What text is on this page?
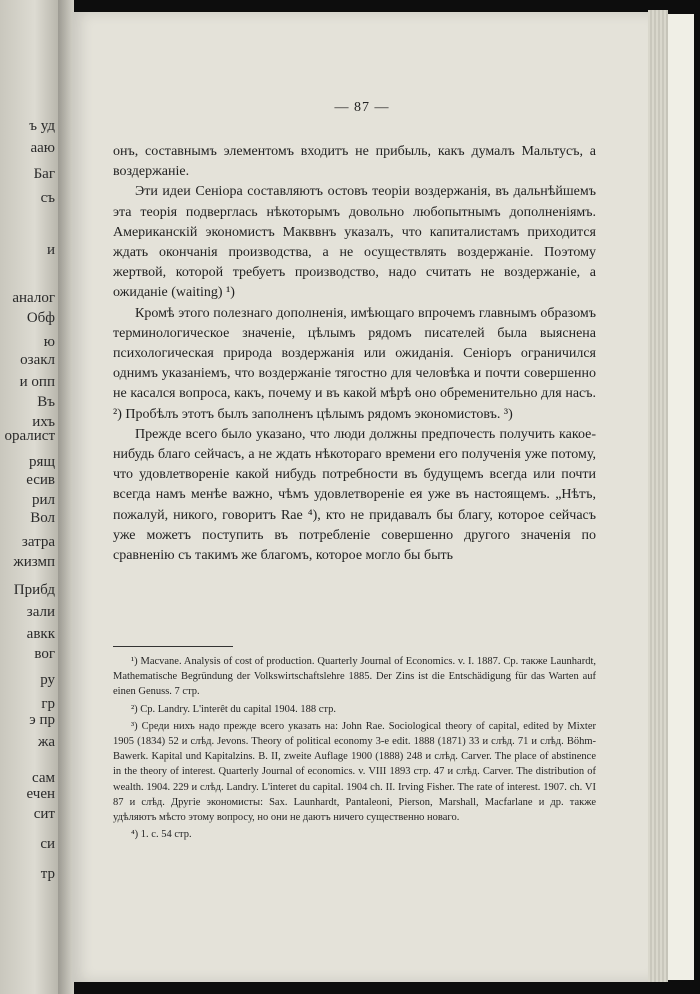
ъ уд
ааю
Баг
съ
и
аналог
Обф
ю
озакл
и опп
Въ
ихъ
оралист
рящ
есив
рил
Вол
затра
жизмп
Прибд
зали
авкк
вог
ру
гр
э пр
жа
сам
ечен
сит
си
тр
— 87 —

онъ, составнымъ элементомъ входитъ не прибыль, какъ думалъ Мальтусъ, а воздержаніе.

Эти идеи Сеніора составляютъ остовъ теоріи воздержанія, въ дальнѣйшемъ эта теорія подверглась нѣкоторымъ довольно любопытнымъ дополненіямъ. Американскій экономистъ Макввнъ указалъ, что капиталистамъ приходится ждать окончанія производства, а не осуществлять воздержаніе. Поэтому жертвой, которой требуетъ производство, надо считать не воздержаніе, а ожиданіе (waiting) ¹)

Кромѣ этого полезнаго дополненія, имѣющаго впрочемъ главнымъ образомъ терминологическое значеніе, цѣлымъ рядомъ писателей была выяснена психологическая природа воздержанія или ожиданія. Сеніоръ ограничился однимъ указаніемъ, что воздержаніе тягостно для человѣка и почти совершенно не касался вопроса, какъ, почему и въ какой мѣрѣ оно обременительно для насъ. ²) Пробѣлъ этотъ былъ заполненъ цѣлымъ рядомъ экономистовъ. ³)

Прежде всего было указано, что люди должны предпочесть получить какое-нибудь благо сейчасъ, а не ждать нѣкотораго времени его полученія уже потому, что удовлетвореніе какой нибудь потребности въ будущемъ всегда или почти всегда намъ менѣе важно, чѣмъ удовлетвореніе ея уже въ настоящемъ. „Нѣтъ, пожалуй, никого, говоритъ Rae ⁴), кто не придавалъ бы благу, которое сейчасъ уже можетъ поступить въ потребленіе совершенно другого значенія по сравненію съ такимъ же благомъ, которое могло бы быть

¹) Macvane. Analysis of cost of production. Quarterly Journal of Economics. v. I. 1887. Ср. также Launhardt, Mathematische Begründung der Volkswirtschaftslehre 1885. Der Zins ist die Entschädigung für das Warten auf einen Genuss. 7 стр.

²) Ср. Landry. L'interêt du capital 1904. 188 стр.

³) Среди нихъ надо прежде всего указать на: John Rae. Sociological theory of capital, edited by Mixter 1905 (1834) 52 и слѣд. Jevons. Theory of political economy 3-e edit. 1888 (1871) 33 и слѣд. 71 и слѣд. Böhm-Bawerk. Kapital und Kapitalzins. B. II, zweite Auflage 1900 (1888) 248 и слѣд. Carver. The place of abstinence in the theory of interest. Quarterly Journal of economics. v. VIII 1893 стр. 47 и слѣд. Carver. The distribution of wealth. 1904. 229 и слѣд. Landry. L'interet du capital. 1904 ch. II. Irving Fisher. The rate of interest. 1907. ch. VI 87 и слѣд. Другіе экономисты: Sax. Launhardt, Pantaleoni, Pierson, Marshall, Macfarlane и др. также удѣляютъ мѣсто этому вопросу, но они не даютъ ничего существенно новаго.

⁴) 1. c. 54 стр.
